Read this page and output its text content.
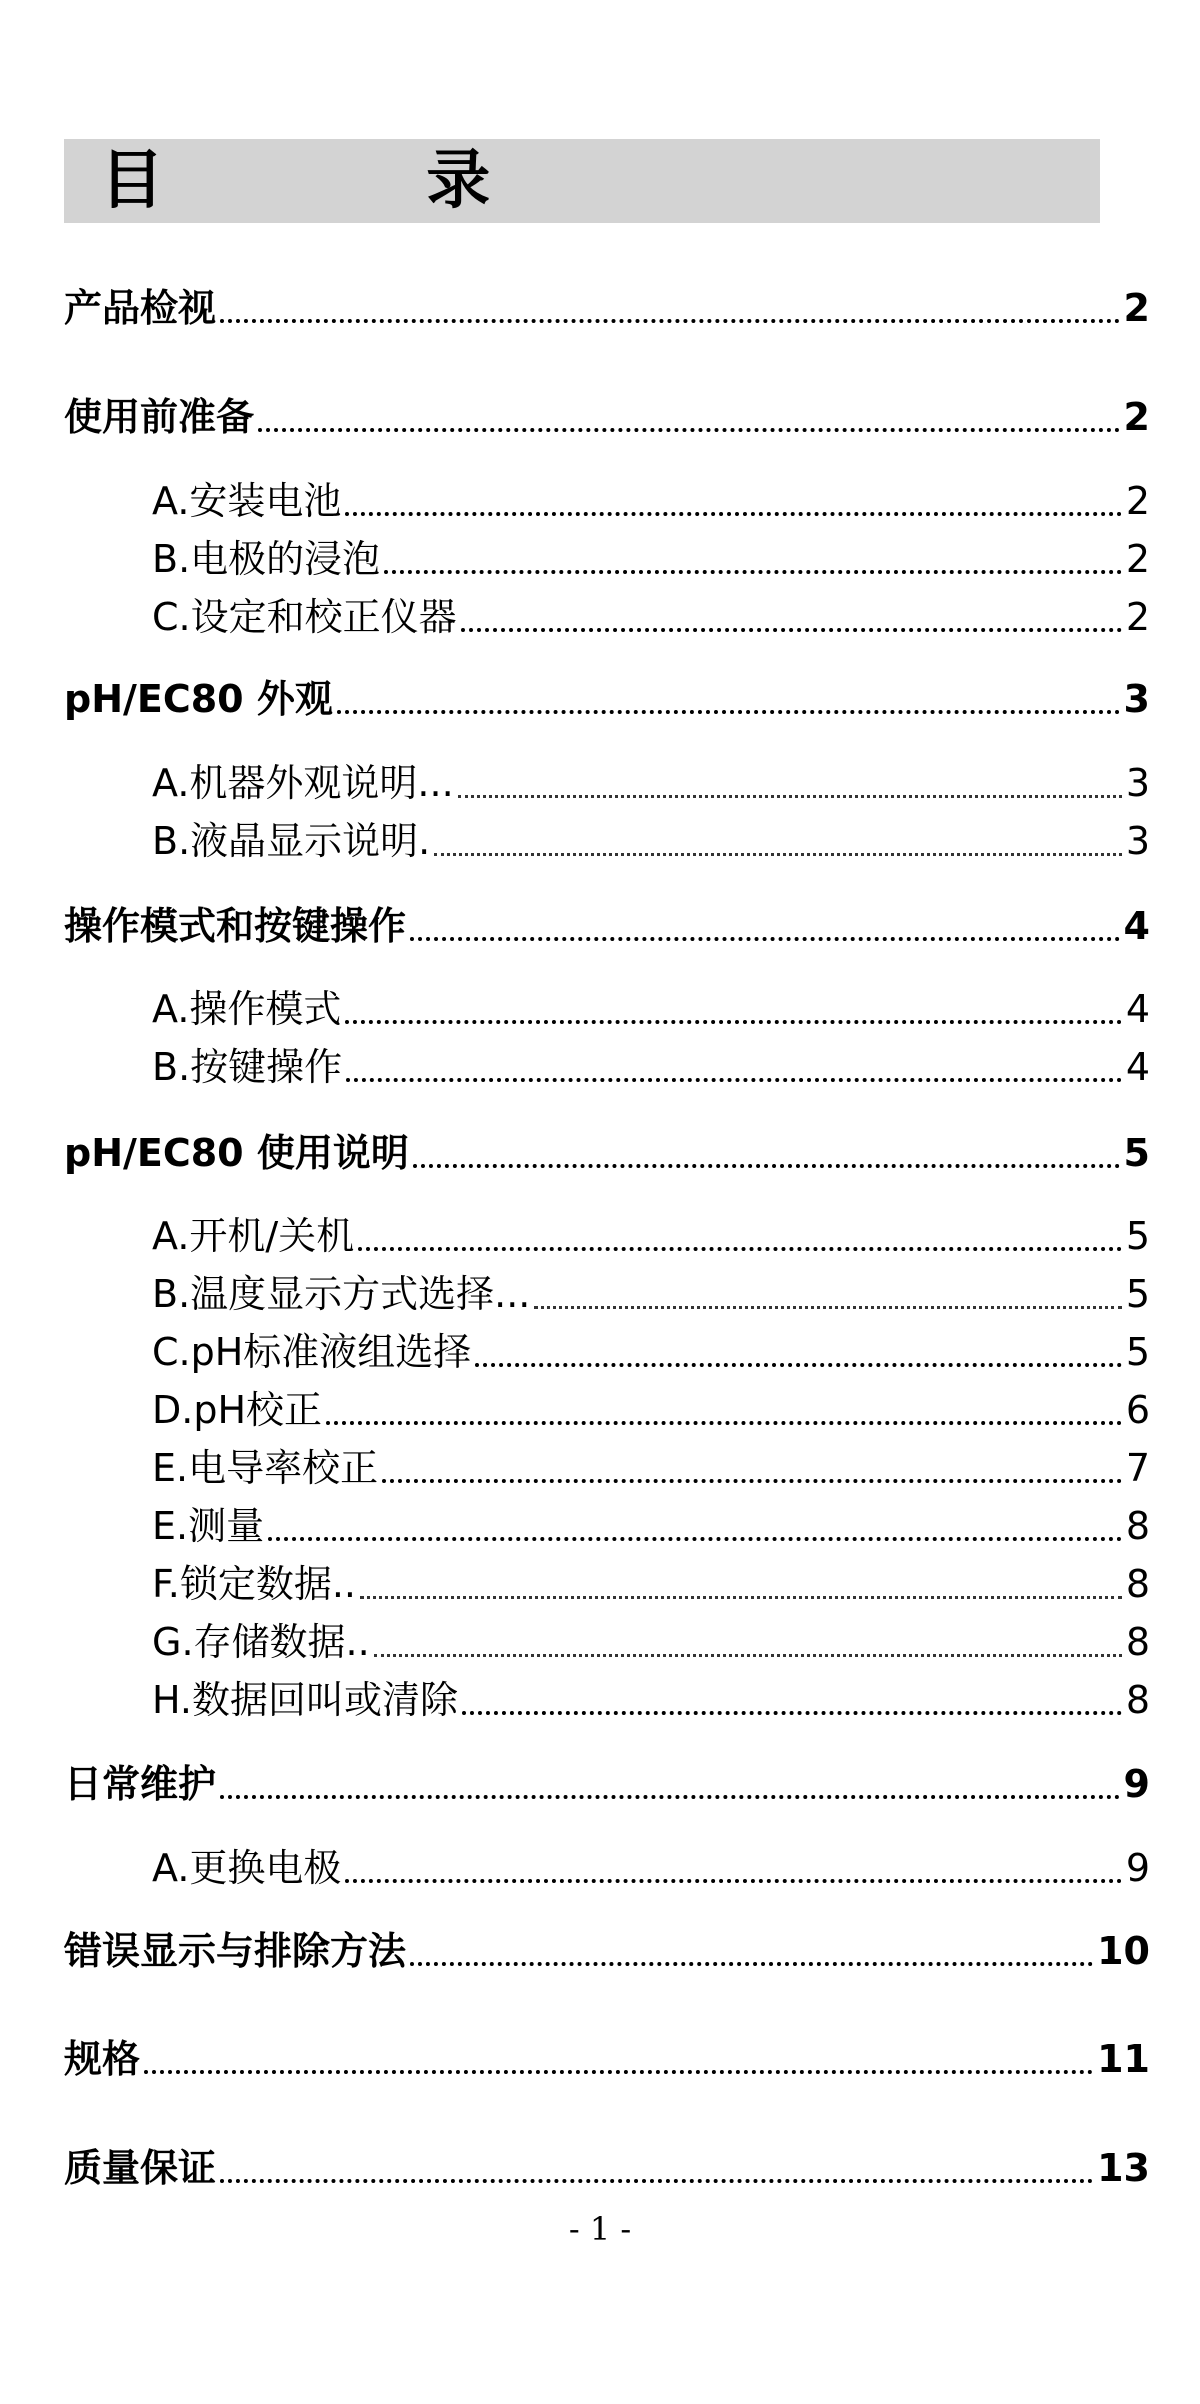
目 录
产品检视	2
使用前准备	2
A.安装电池	2
B.电极的浸泡	2
C.设定和校正仪器	2
pH/EC80 外观	3
A.机器外观说明...	3
B.液晶显示说明.	3
操作模式和按键操作	4
A.操作模式	4
B.按键操作	4
pH/EC80 使用说明	5
A.开机/关机	5
B.温度显示方式选择...	5
C.pH标准液组选择	5
D.pH校正	6
E.电导率校正	7
E.测量	8
F.锁定数据..	8
G.存储数据..	8
H.数据回叫或清除	8
日常维护	9
A.更换电极	9
错误显示与排除方法	10
规格	11
质量保证	13
- 1 -
